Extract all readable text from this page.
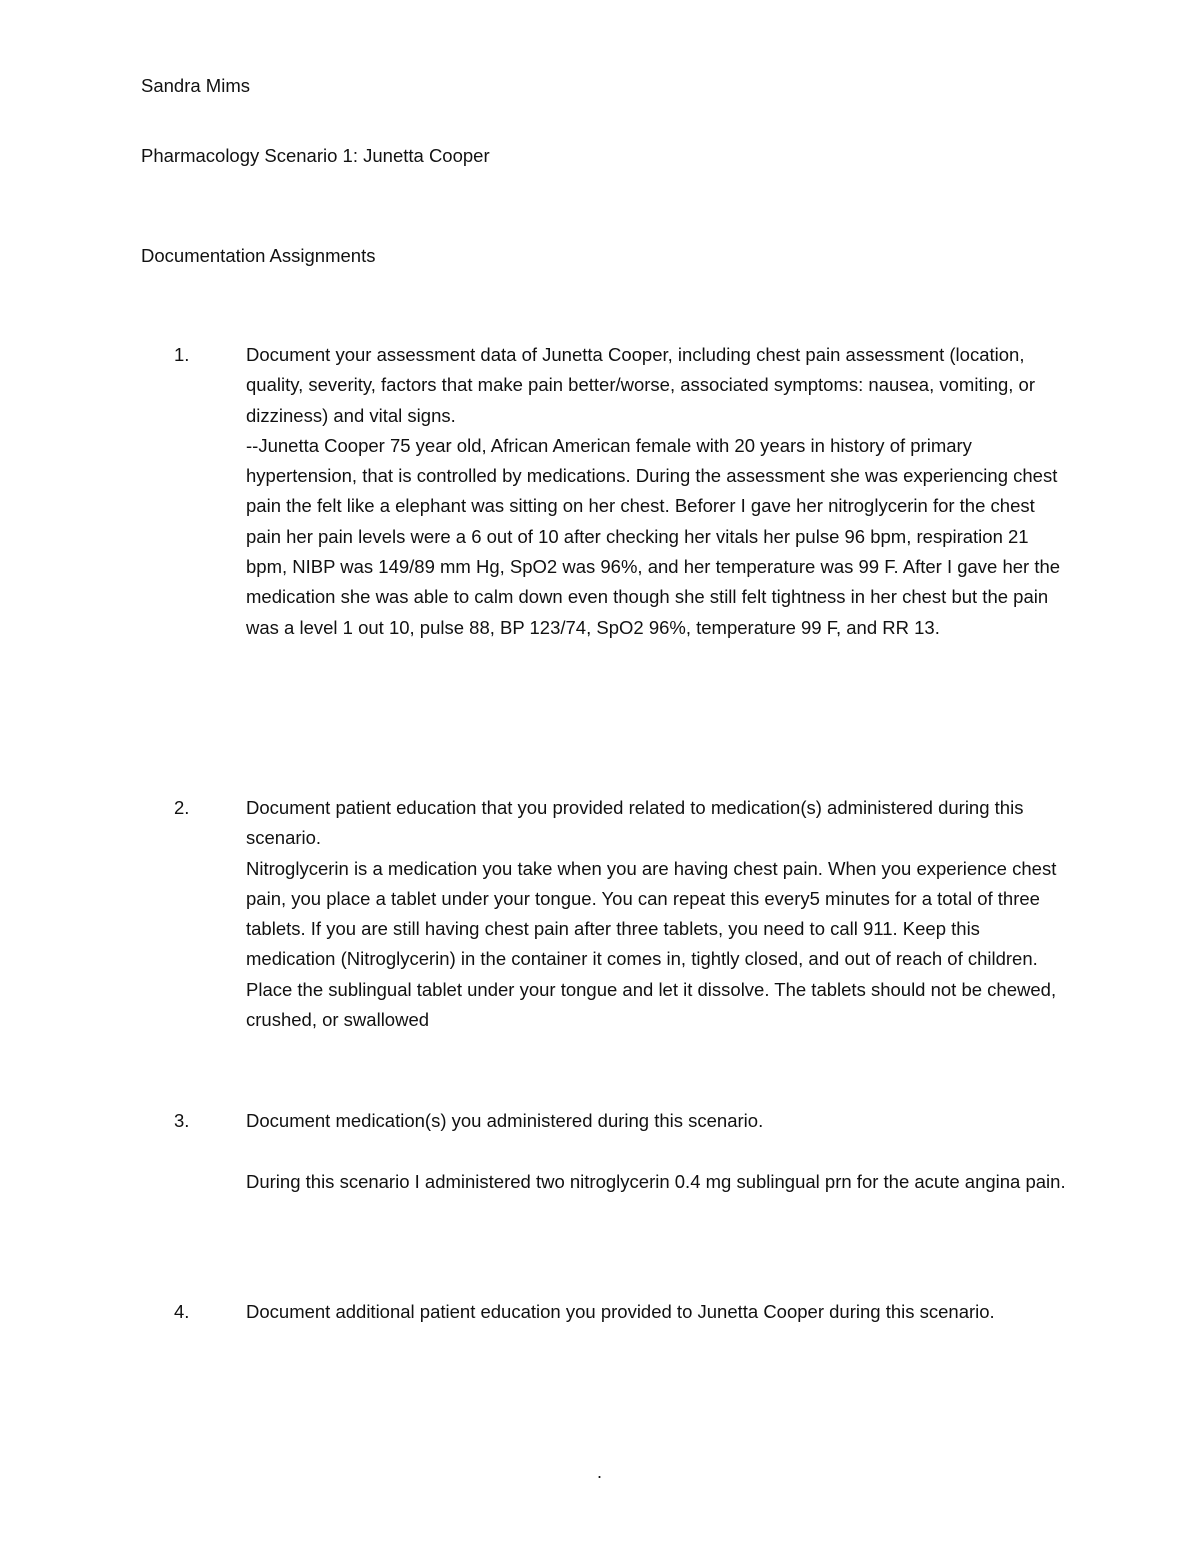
Sandra Mims

Pharmacology Scenario 1: Junetta Cooper

Documentation Assignments

1.	Document your assessment data of Junetta Cooper, including chest pain assessment (location, quality, severity, factors that make pain better/worse, associated symptoms: nausea, vomiting, or dizziness) and vital signs.

--Junetta Cooper 75 year old, African American female with 20 years in history of primary hypertension, that is controlled by medications. During the assessment she was experiencing chest pain the felt like a elephant was sitting on her chest. Beforer I gave her nitroglycerin for the chest pain her pain levels were a 6 out of 10 after checking her vitals her pulse 96 bpm, respiration 21 bpm, NIBP was 149/89 mm Hg, SpO2 was 96%, and her temperature was 99 F. After I gave her the medication she was able to calm down even though she still felt tightness in her chest but the pain was a level 1 out 10, pulse 88, BP 123/74, SpO2 96%, temperature 99 F, and RR 13.

2.	Document patient education that you provided related to medication(s) administered during this scenario.

Nitroglycerin is a medication you take when you are having chest pain. When you experience chest pain, you place a tablet under your tongue. You can repeat this every5 minutes for a total of three tablets. If you are still having chest pain after three tablets, you need to call 911. Keep this medication (Nitroglycerin) in the container it comes in, tightly closed, and out of reach of children. Place the sublingual tablet under your tongue and let it dissolve. The tablets should not be chewed, crushed, or swallowed

3.	Document medication(s) you administered during this scenario.

During this scenario I administered two nitroglycerin 0.4 mg sublingual prn for the acute angina pain.

4.	Document additional patient education you provided to Junetta Cooper during this scenario.

.
